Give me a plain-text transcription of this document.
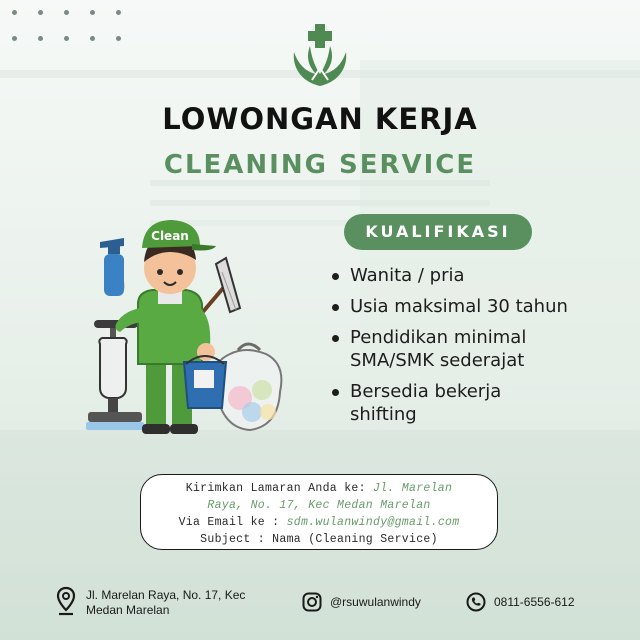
LOWONGAN KERJA
CLEANING SERVICE
KUALIFIKASI
Wanita / pria
Usia maksimal 30 tahun
Pendidikan minimal SMA/SMK sederajat
Bersedia bekerja shifting
Clean
Kirimkan Lamaran Anda ke: Jl. Marelan
Raya, No. 17, Kec Medan Marelan
Via Email ke : sdm.wulanwindy@gmail.com
Subject : Nama (Cleaning Service)
Jl. Marelan Raya, No. 17, Kec
Medan Marelan
@rsuwulanwindy	0811-6556-612
